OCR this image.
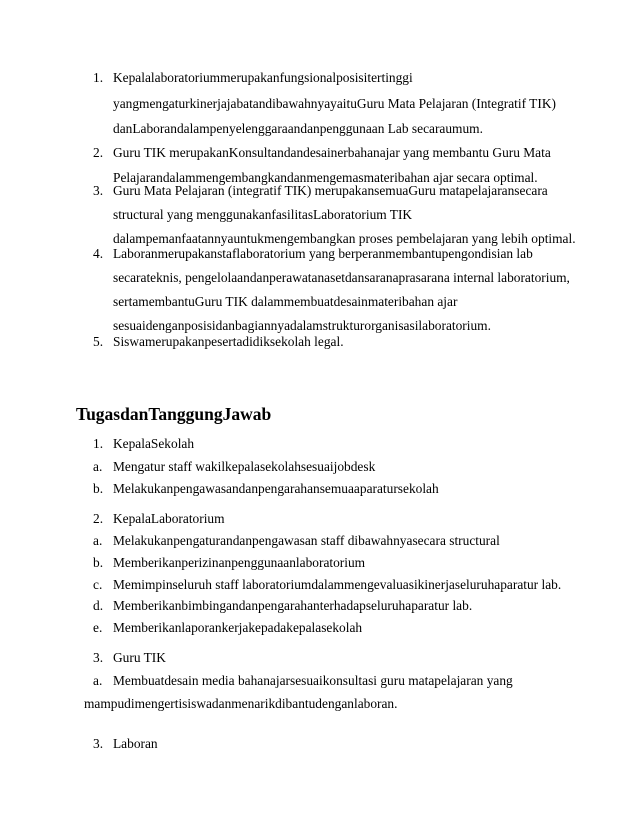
1. Kepalalaboratoriummerupakanfungsionalposisitertinggi
yangmengaturkinerjajabatandibawahnyayaituGuru Mata Pelajaran (Integratif TIK)
danLaborandalampenyelenggaraandanpenggunaan Lab secaraumum.
2. Guru TIK merupakanKonsultandandesainerbahanajar yang membantu Guru Mata
Pelajarandalammengembangkandanmengemasmateribahan ajar secara optimal.
3. Guru Mata Pelajaran (integratif TIK) merupakansemuaGuru matapelajaransecara
structural yang menggunakanfasilitasLaboratorium TIK
dalampemanfaatannyauntukmengembangkan proses pembelajaran yang lebih optimal.
4. Laboranmerupakanstaflaboratorium yang berperanmembantupengondisian lab
secarateknis, pengelolaandanperawatanasetdansaranaprasarana internal laboratorium,
sertamembantuGuru TIK dalammembuatdesainmateribahan ajar
sesuaidenganposisidanbagiannyadalamstrukturorganisasilaboratorium.
5. Siswamerupakanpesertadidiksekolah legal.
TugasdanTanggungJawab
1. KepalaSekolah
a. Mengatur staff wakilkepalasekolahsesuaijobdesk
b. Melakukanpengawasandanpengarahansemuaaparatursekolah
2. KepalaLaboratorium
a. Melakukanpengaturandanpengawasan staff dibawahnyasecara structural
b. Memberikanperizinanpenggunaanlaboratorium
c. Memimpinseluruh staff laboratoriumdalammengevaluasikinerjaseluruhaparatur lab.
d. Memberikanbimbingandanpengarahanterhadapseluruhaparatur lab.
e. Memberikanlaporankerjakepadakepalasekolah
3. Guru TIK
a. Membuatdesain media bahanajarsesuaikonsultasi guru matapelajaran yang
mampudimengertisiswadanmenarikdibantudenganlaboran.
3. Laboran
